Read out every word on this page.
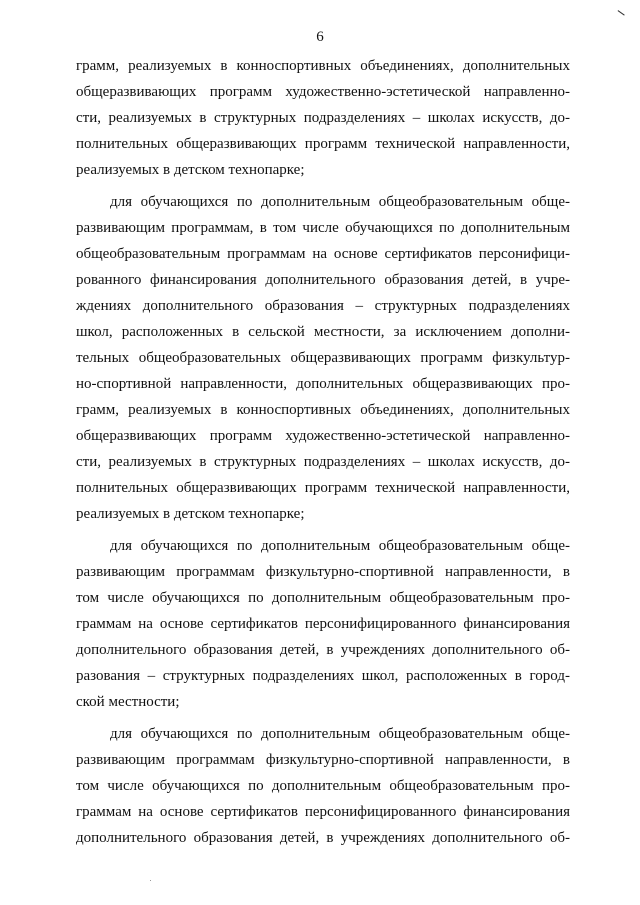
6
грамм, реализуемых в конноспортивных объединениях, дополнительных
общеразвивающих программ художественно-эстетической направленно-
сти, реализуемых в структурных подразделениях – школах искусств, до-
полнительных общеразвивающих программ технической направленности,
реализуемых в детском технопарке;
для обучающихся по дополнительным общеобразовательным обще-
развивающим программам, в том числе обучающихся по дополнительным
общеобразовательным программам на основе сертификатов персонифици-
рованного финансирования дополнительного образования детей, в учре-
ждениях дополнительного образования – структурных подразделениях
школ, расположенных в сельской местности, за исключением дополни-
тельных общеобразовательных общеразвивающих программ физкультур-
но-спортивной направленности, дополнительных общеразвивающих про-
грамм, реализуемых в конноспортивных объединениях, дополнительных
общеразвивающих программ художественно-эстетической направленно-
сти, реализуемых в структурных подразделениях – школах искусств, до-
полнительных общеразвивающих программ технической направленности,
реализуемых в детском технопарке;
для обучающихся по дополнительным общеобразовательным обще-
развивающим программам физкультурно-спортивной направленности, в
том числе обучающихся по дополнительным общеобразовательным про-
граммам на основе сертификатов персонифицированного финансирования
дополнительного образования детей, в учреждениях дополнительного об-
разования – структурных подразделениях школ, расположенных в город-
ской местности;
для обучающихся по дополнительным общеобразовательным обще-
развивающим программам физкультурно-спортивной направленности, в
том числе обучающихся по дополнительным общеобразовательным про-
граммам на основе сертификатов персонифицированного финансирования
дополнительного образования детей, в учреждениях дополнительного об-
